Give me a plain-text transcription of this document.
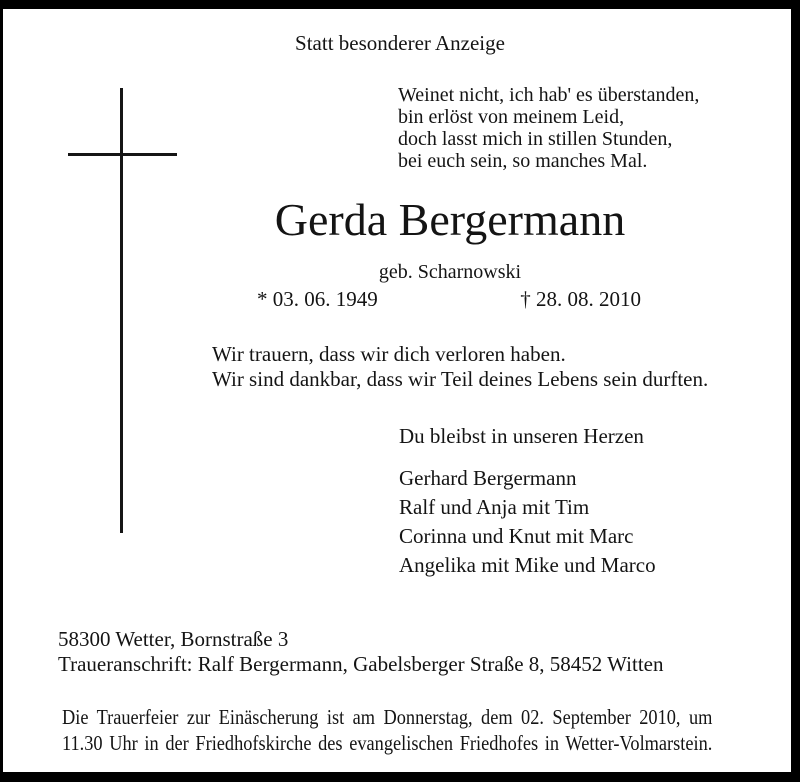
Statt besonderer Anzeige
Weinet nicht, ich hab' es überstanden,
bin erlöst von meinem Leid,
doch lasst mich in stillen Stunden,
bei euch sein, so manches Mal.
Gerda Bergermann
geb. Scharnowski
* 03. 06. 1949	† 28. 08. 2010
Wir trauern, dass wir dich verloren haben.
Wir sind dankbar, dass wir Teil deines Lebens sein durften.
Du bleibst in unseren Herzen
Gerhard Bergermann
Ralf und Anja mit Tim
Corinna und Knut mit Marc
Angelika mit Mike und Marco
58300 Wetter, Bornstraße 3
Traueranschrift: Ralf Bergermann, Gabelsberger Straße 8, 58452 Witten
Die Trauerfeier zur Einäscherung ist am Donnerstag, dem 02. September 2010, um
11.30 Uhr in der Friedhofskirche des evangelischen Friedhofes in Wetter-Volmarstein.
